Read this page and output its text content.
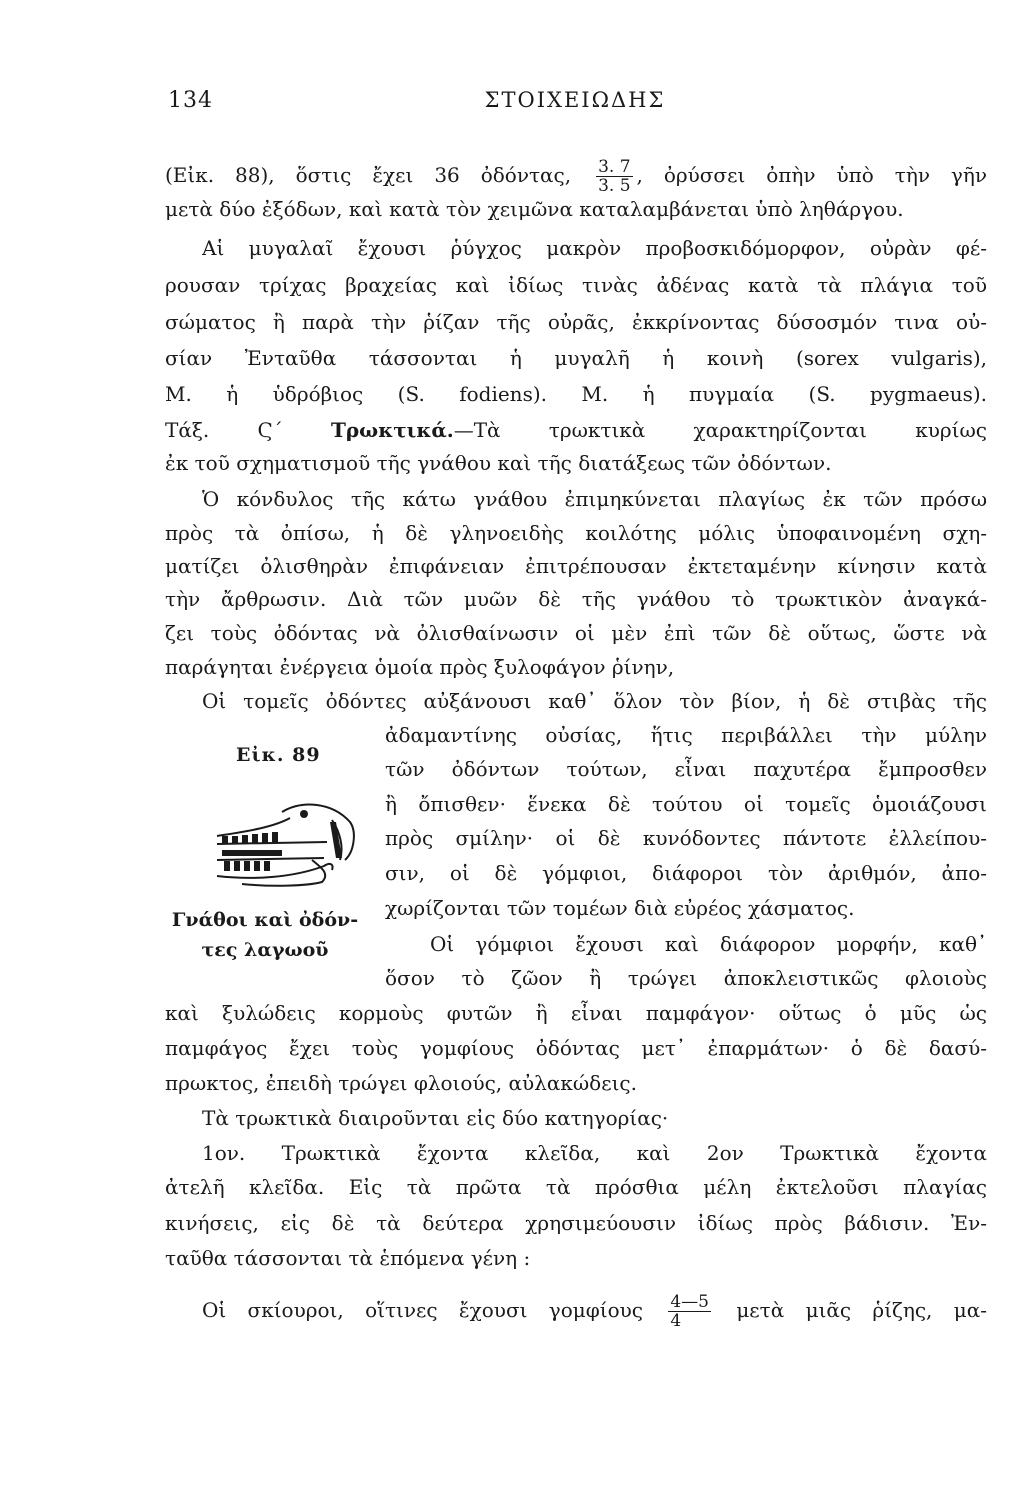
134	ΣΤΟΙΧΕΙΩΔΗΣ
(Εἰκ. 88), ὅστις ἔχει 36 ὀδόντας, $\frac{3. 7}{3. 5}$ , ὀρύσσει ὀπὴν ὑπὸ τὴν γῆν
μετὰ δύο ἐξόδων, καὶ κατὰ τὸν χειμῶνα καταλαμβάνεται ὑπὸ ληθάργου.
Αἱ μυγαλαῖ ἔχουσι ῥύγχος μακρὸν προβοσκιδόμορφον, οὐρὰν φέ-
ρουσαν τρίχας βραχείας καὶ ἰδίως τινὰς ἀδένας κατὰ τὰ πλάγια τοῦ
σώματος ἢ παρὰ τὴν ῥίζαν τῆς οὐρᾶς, ἐκκρίνοντας δύσοσμόν τινα οὐ-
σίαν Ἐνταῦθα τάσσονται ἡ μυγαλῆ ἡ κοινὴ (sorex vulgaris),
Μ. ἡ ὑδρόβιος (S. fodiens). Μ. ἡ πυγμαία (S. pygmaeus).
Τάξ. Ϛ΄ Τρωκτικά.—Τὰ τρωκτικὰ χαρακτηρίζονται κυρίως
ἐκ τοῦ σχηματισμοῦ τῆς γνάθου καὶ τῆς διατάξεως τῶν ὀδόντων.
Ὁ κόνδυλος τῆς κάτω γνάθου ἐπιμηκύνεται πλαγίως ἐκ τῶν πρόσω
πρὸς τὰ ὀπίσω, ἡ δὲ γληνοειδὴς κοιλότης μόλις ὑποφαινομένη σχη-
ματίζει ὀλισθηρὰν ἐπιφάνειαν ἐπιτρέπουσαν ἐκτεταμένην κίνησιν κατὰ
τὴν ἄρθρωσιν. Διὰ τῶν μυῶν δὲ τῆς γνάθου τὸ τρωκτικὸν ἀναγκά-
ζει τοὺς ὀδόντας νὰ ὀλισθαίνωσιν οἱ μὲν ἐπὶ τῶν δὲ οὕτως, ὥστε νὰ
παράγηται ἐνέργεια ὁμοία πρὸς ξυλοφάγον ῥίνην,
Οἱ τομεῖς ὀδόντες αὐξάνουσι καθ᾽ ὅλον τὸν βίον, ἡ δὲ στιβὰς τῆς
ἀδαμαντίνης οὐσίας, ἥτις περιβάλλει τὴν μύλην
τῶν ὀδόντων τούτων, εἶναι παχυτέρα ἔμπροσθεν
ἢ ὄπισθεν· ἕνεκα δὲ τούτου οἱ τομεῖς ὁμοιάζουσι
πρὸς σμίλην· οἱ δὲ κυνόδοντες πάντοτε ἐλλείπου-
σιν, οἱ δὲ γόμφιοι, διάφοροι τὸν ἀριθμόν, ἀπο-
χωρίζονται τῶν τομέων διὰ εὐρέος χάσματος.
Εἰκ. 89
Γνάθοι καὶ ὀδόν-
τες λαγωοῦ	Οἱ γόμφιοι ἔχουσι καὶ διάφορον μορφήν, καθ᾽
ὅσον τὸ ζῶον ἢ τρώγει ἀποκλειστικῶς φλοιοὺς
καὶ ξυλώδεις κορμοὺς φυτῶν ἢ εἶναι παμφάγον· οὕτως ὁ μῦς ὡς
παμφάγος ἔχει τοὺς γομφίους ὀδόντας μετ᾽ ἐπαρμάτων· ὁ δὲ δασύ-
πρωκτος, ἐπειδὴ τρώγει φλοιούς, αὐλακώδεις.
Τὰ τρωκτικὰ διαιροῦνται εἰς δύο κατηγορίας·
1ον. Τρωκτικὰ ἔχοντα κλεῖδα, καὶ 2ον Τρωκτικὰ ἔχοντα
ἀτελῆ κλεῖδα. Εἰς τὰ πρῶτα τὰ πρόσθια μέλη ἐκτελοῦσι πλαγίας
κινήσεις, εἰς δὲ τὰ δεύτερα χρησιμεύουσιν ἰδίως πρὸς βάδισιν. Ἐν-
ταῦθα τάσσονται τὰ ἑπόμενα γένη :
Οἱ σκίουροι, οἵτινες ἔχουσι γομφίους $\frac{4—5}{4}$ μετὰ μιᾶς ῥίζης, μα-
